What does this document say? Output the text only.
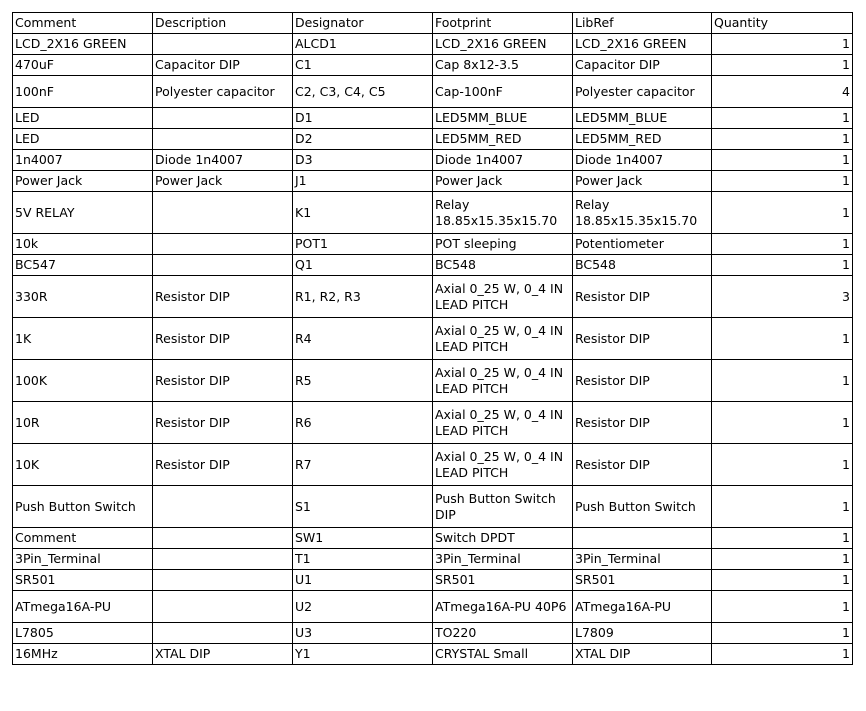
Comment	Description	Designator	Footprint	LibRef	Quantity
LCD_2X16 GREEN		ALCD1	LCD_2X16 GREEN	LCD_2X16 GREEN	1
470uF	Capacitor DIP	C1	Cap 8x12-3.5	Capacitor DIP	1
100nF	Polyester capacitor	C2, C3, C4, C5	Cap-100nF	Polyester capacitor	4
LED		D1	LED5MM_BLUE	LED5MM_BLUE	1
LED		D2	LED5MM_RED	LED5MM_RED	1
1n4007	Diode 1n4007	D3	Diode 1n4007	Diode 1n4007	1
Power Jack	Power Jack	J1	Power Jack	Power Jack	1
5V RELAY		K1	Relay 18.85x15.35x15.70	Relay 18.85x15.35x15.70	1
10k		POT1	POT sleeping	Potentiometer	1
BC547		Q1	BC548	BC548	1
330R	Resistor DIP	R1, R2, R3	Axial 0_25 W, 0_4 IN LEAD PITCH	Resistor DIP	3
1K	Resistor DIP	R4	Axial 0_25 W, 0_4 IN LEAD PITCH	Resistor DIP	1
100K	Resistor DIP	R5	Axial 0_25 W, 0_4 IN LEAD PITCH	Resistor DIP	1
10R	Resistor DIP	R6	Axial 0_25 W, 0_4 IN LEAD PITCH	Resistor DIP	1
10K	Resistor DIP	R7	Axial 0_25 W, 0_4 IN LEAD PITCH	Resistor DIP	1
Push Button Switch		S1	Push Button Switch DIP	Push Button Switch	1
Comment		SW1	Switch DPDT		1
3Pin_Terminal		T1	3Pin_Terminal	3Pin_Terminal	1
SR501		U1	SR501	SR501	1
ATmega16A-PU		U2	ATmega16A-PU 40P6	ATmega16A-PU	1
L7805		U3	TO220	L7809	1
16MHz	XTAL DIP	Y1	CRYSTAL Small	XTAL DIP	1
